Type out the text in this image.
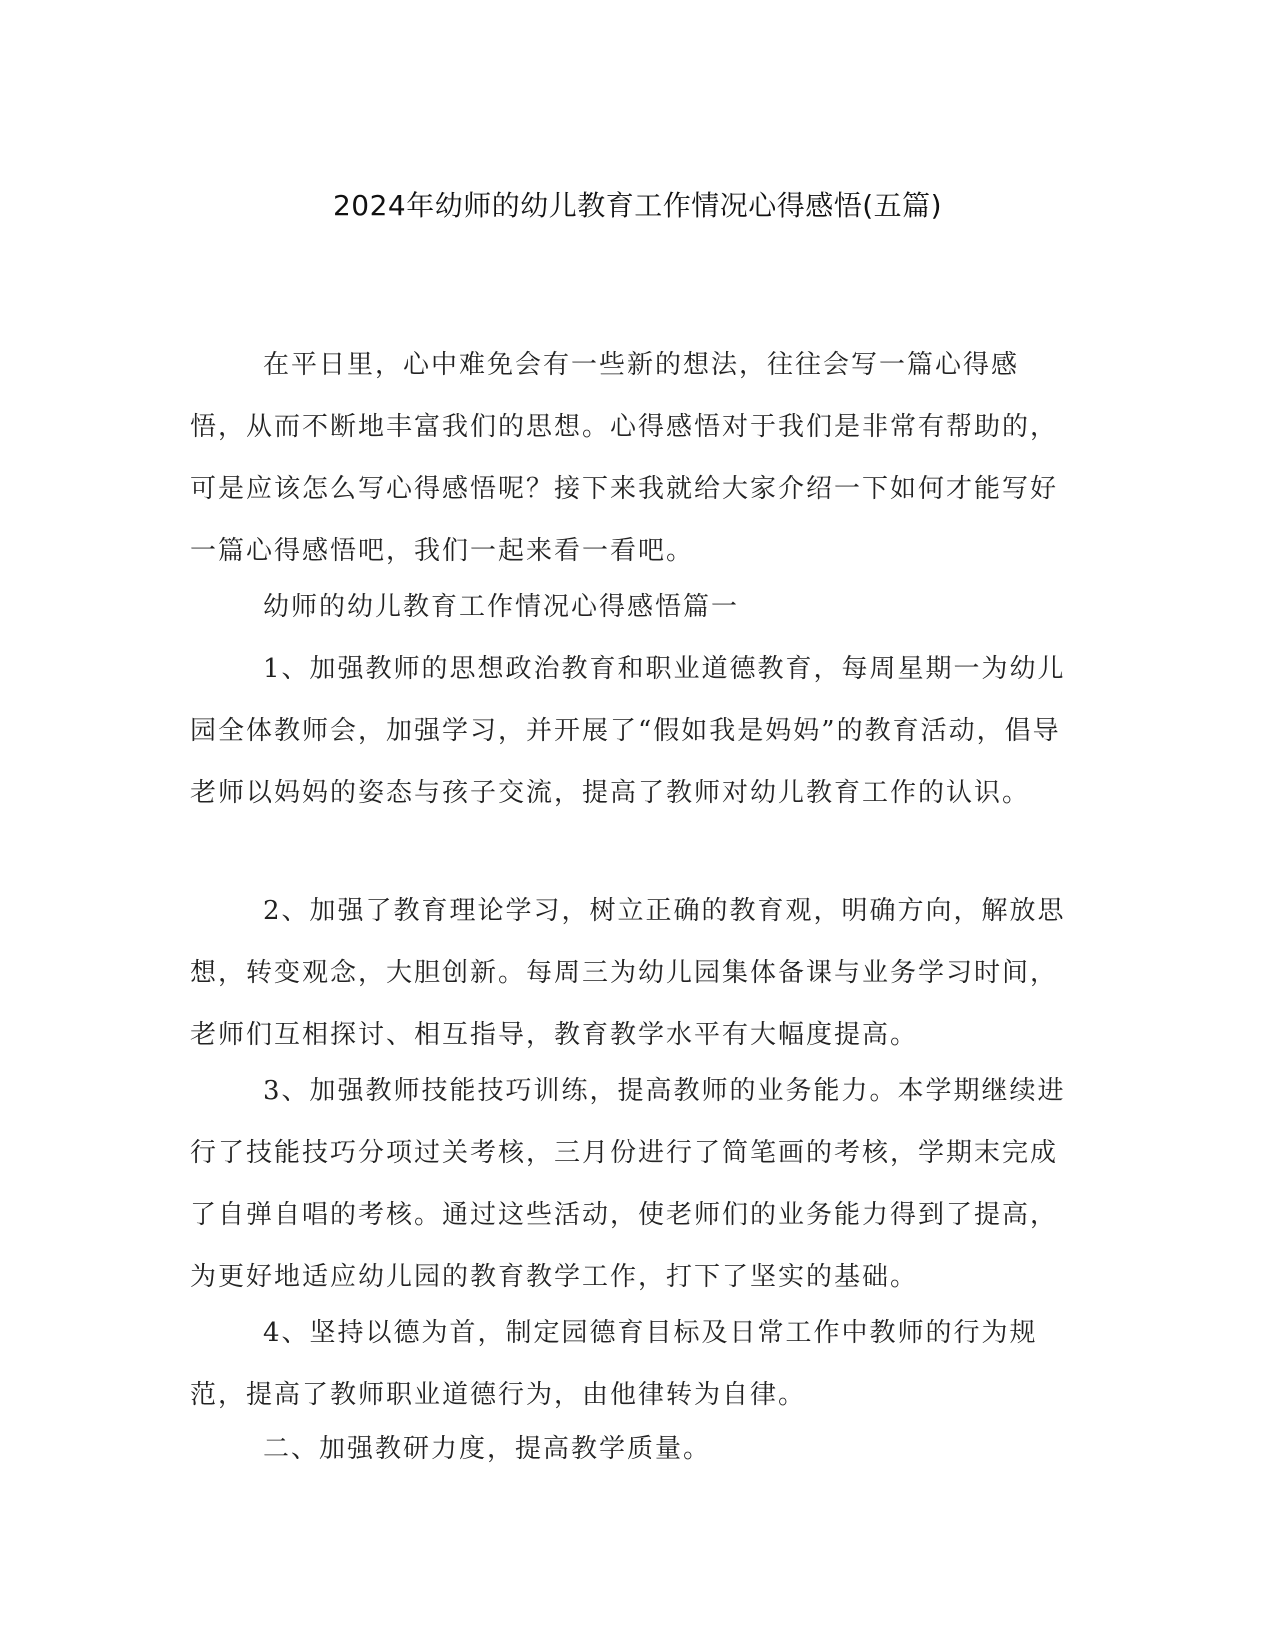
2024年幼师的幼儿教育工作情况心得感悟(五篇)

在平日里，心中难免会有一些新的想法，往往会写一篇心得感悟，从而不断地丰富我们的思想。心得感悟对于我们是非常有帮助的，可是应该怎么写心得感悟呢？接下来我就给大家介绍一下如何才能写好一篇心得感悟吧，我们一起来看一看吧。

幼师的幼儿教育工作情况心得感悟篇一

1、加强教师的思想政治教育和职业道德教育，每周星期一为幼儿园全体教师会，加强学习，并开展了“假如我是妈妈”的教育活动，倡导老师以妈妈的姿态与孩子交流，提高了教师对幼儿教育工作的认识。

2、加强了教育理论学习，树立正确的教育观，明确方向，解放思想，转变观念，大胆创新。每周三为幼儿园集体备课与业务学习时间，老师们互相探讨、相互指导，教育教学水平有大幅度提高。

3、加强教师技能技巧训练，提高教师的业务能力。本学期继续进行了技能技巧分项过关考核，三月份进行了简笔画的考核，学期末完成了自弹自唱的考核。通过这些活动，使老师们的业务能力得到了提高，为更好地适应幼儿园的教育教学工作，打下了坚实的基础。

4、坚持以德为首，制定园德育目标及日常工作中教师的行为规范，提高了教师职业道德行为，由他律转为自律。

二、加强教研力度，提高教学质量。
